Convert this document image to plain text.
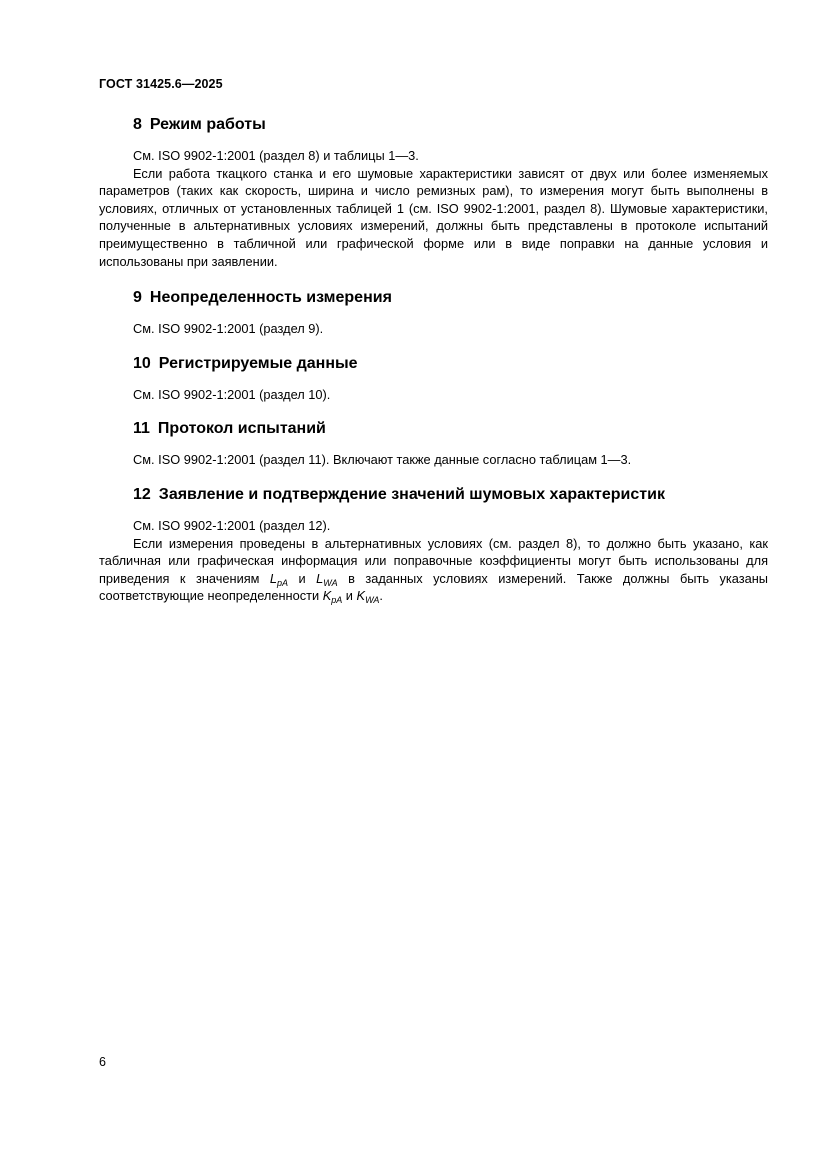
ГОСТ 31425.6—2025
8 Режим работы

См. ISO 9902-1:2001 (раздел 8) и таблицы 1—3.

Если работа ткацкого станка и его шумовые характеристики зависят от двух или более изменяемых параметров (таких как скорость, ширина и число ремизных рам), то измерения могут быть выполнены в условиях, отличных от установленных таблицей 1 (см. ISO 9902-1:2001, раздел 8). Шумовые характеристики, полученные в альтернативных условиях измерений, должны быть представлены в протоколе испытаний преимущественно в табличной или графической форме или в виде поправки на данные условия и использованы при заявлении.

9 Неопределенность измерения

См. ISO 9902-1:2001 (раздел 9).

10 Регистрируемые данные

См. ISO 9902-1:2001 (раздел 10).

11 Протокол испытаний

См. ISO 9902-1:2001 (раздел 11). Включают также данные согласно таблицам 1—3.

12 Заявление и подтверждение значений шумовых характеристик

См. ISO 9902-1:2001 (раздел 12).

Если измерения проведены в альтернативных условиях (см. раздел 8), то должно быть указано, как табличная или графическая информация или поправочные коэффициенты могут быть использованы для приведения к значениям $L_{pA}$ и $L_{WA}$ в заданных условиях измерений. Также должны быть указаны соответствующие неопределенности $K_{pA}$ и $K_{WA}$.

6
